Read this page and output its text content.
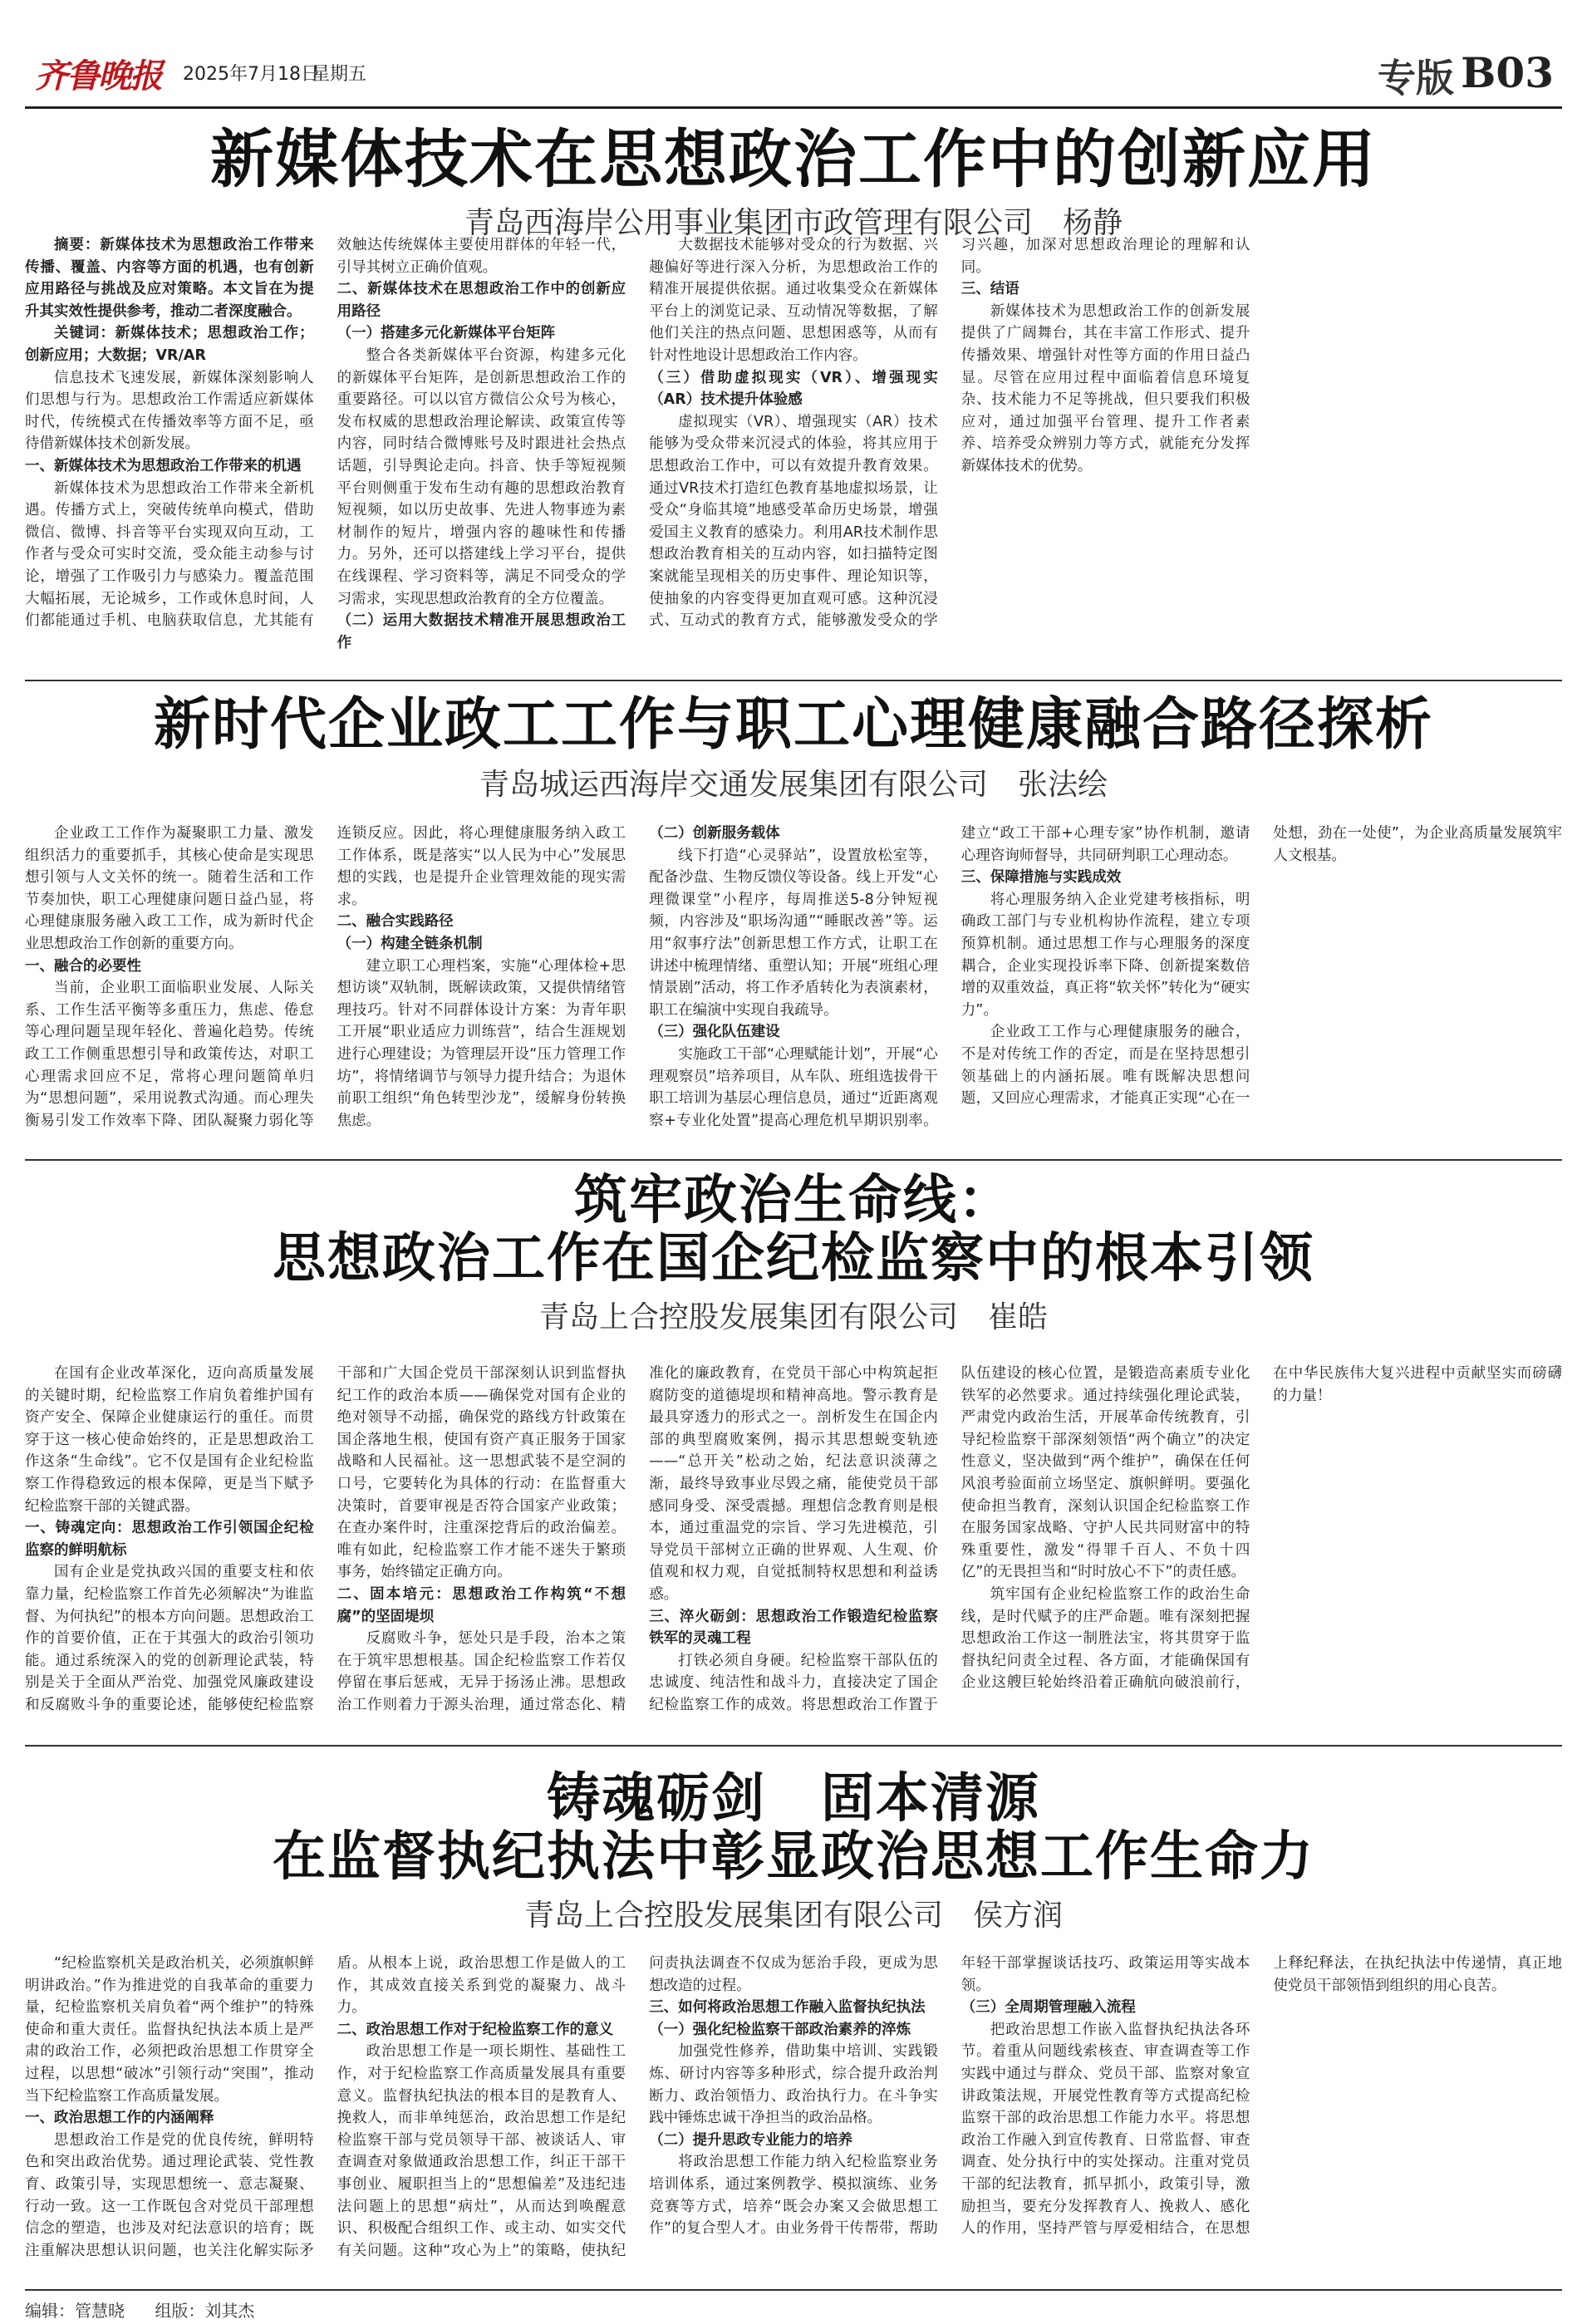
齐鲁晚报 2025年7月18日
星期五	专版 B03
新媒体技术在思想政治工作中的创新应用
青岛西海岸公用事业集团市政管理有限公司　杨静

摘要：新媒体技术为思想政治工作带来传播、覆盖、内容等方面的机遇，也有创新应用路径与挑战及应对策略。本文旨在为提升其实效性提供参考，推动二者深度融合。

关键词：新媒体技术；思想政治工作；创新应用；大数据；VR/AR

信息技术飞速发展，新媒体深刻影响人们思想与行为。思想政治工作需适应新媒体时代，传统模式在传播效率等方面不足，亟待借新媒体技术创新发展。

一、新媒体技术为思想政治工作带来的机遇

新媒体技术为思想政治工作带来全新机遇。传播方式上，突破传统单向模式，借助微信、微博、抖音等平台实现双向互动，工作者与受众可实时交流，受众能主动参与讨论，增强了工作吸引力与感染力。覆盖范围大幅拓展，无论城乡，工作或休息时间，人们都能通过手机、电脑获取信息，尤其能有效触达传统媒体主要使用群体的年轻一代，引导其树立正确价值观。

二、新媒体技术在思想政治工作中的创新应用路径

（一）搭建多元化新媒体平台矩阵

整合各类新媒体平台资源，构建多元化的新媒体平台矩阵，是创新思想政治工作的重要路径。可以以官方微信公众号为核心，发布权威的思想政治理论解读、政策宣传等内容，同时结合微博账号及时跟进社会热点话题，引导舆论走向。抖音、快手等短视频平台则侧重于发布生动有趣的思想政治教育短视频，如以历史故事、先进人物事迹为素材制作的短片，增强内容的趣味性和传播力。另外，还可以搭建线上学习平台，提供在线课程、学习资料等，满足不同受众的学习需求，实现思想政治教育的全方位覆盖。

（二）运用大数据技术精准开展思想政治工作

大数据技术能够对受众的行为数据、兴趣偏好等进行深入分析，为思想政治工作的精准开展提供依据。通过收集受众在新媒体平台上的浏览记录、互动情况等数据，了解他们关注的热点问题、思想困惑等，从而有针对性地设计思想政治工作内容。

（三）借助虚拟现实（VR）、增强现实（AR）技术提升体验感

虚拟现实（VR）、增强现实（AR）技术能够为受众带来沉浸式的体验，将其应用于思想政治工作中，可以有效提升教育效果。通过VR技术打造红色教育基地虚拟场景，让受众“身临其境”地感受革命历史场景，增强爱国主义教育的感染力。利用AR技术制作思想政治教育相关的互动内容，如扫描特定图案就能呈现相关的历史事件、理论知识等，使抽象的内容变得更加直观可感。这种沉浸式、互动式的教育方式，能够激发受众的学习兴趣，加深对思想政治理论的理解和认同。

三、结语

新媒体技术为思想政治工作的创新发展提供了广阔舞台，其在丰富工作形式、提升传播效果、增强针对性等方面的作用日益凸显。尽管在应用过程中面临着信息环境复杂、技术能力不足等挑战，但只要我们积极应对，通过加强平台管理、提升工作者素养、培养受众辨别力等方式，就能充分发挥新媒体技术的优势。

新时代企业政工工作与职工心理健康融合路径探析
青岛城运西海岸交通发展集团有限公司　张法绘

企业政工工作作为凝聚职工力量、激发组织活力的重要抓手，其核心使命是实现思想引领与人文关怀的统一。随着生活和工作节奏加快，职工心理健康问题日益凸显，将心理健康服务融入政工工作，成为新时代企业思想政治工作创新的重要方向。

一、融合的必要性

当前，企业职工面临职业发展、人际关系、工作生活平衡等多重压力，焦虑、倦怠等心理问题呈现年轻化、普遍化趋势。传统政工工作侧重思想引导和政策传达，对职工心理需求回应不足，常将心理问题简单归为“思想问题”，采用说教式沟通。而心理失衡易引发工作效率下降、团队凝聚力弱化等连锁反应。因此，将心理健康服务纳入政工工作体系，既是落实“以人民为中心”发展思想的实践，也是提升企业管理效能的现实需求。

二、融合实践路径

（一）构建全链条机制

建立职工心理档案，实施“心理体检+思想访谈”双轨制，既解读政策，又提供情绪管理技巧。针对不同群体设计方案：为青年职工开展“职业适应力训练营”，结合生涯规划进行心理建设；为管理层开设“压力管理工作坊”，将情绪调节与领导力提升结合；为退休前职工组织“角色转型沙龙”，缓解身份转换焦虑。

（二）创新服务载体

线下打造“心灵驿站”，设置放松室等，配备沙盘、生物反馈仪等设备。线上开发“心理微课堂”小程序，每周推送5-8分钟短视频，内容涉及“职场沟通”“睡眠改善”等。运用“叙事疗法”创新思想工作方式，让职工在讲述中梳理情绪、重塑认知；开展“班组心理情景剧”活动，将工作矛盾转化为表演素材，职工在编演中实现自我疏导。

（三）强化队伍建设

实施政工干部“心理赋能计划”，开展“心理观察员”培养项目，从车队、班组选拔骨干职工培训为基层心理信息员，通过“近距离观察+专业化处置”提高心理危机早期识别率。建立“政工干部+心理专家”协作机制，邀请心理咨询师督导，共同研判职工心理动态。

三、保障措施与实践成效

将心理服务纳入企业党建考核指标，明确政工部门与专业机构协作流程，建立专项预算机制。通过思想工作与心理服务的深度耦合，企业实现投诉率下降、创新提案数倍增的双重效益，真正将“软关怀”转化为“硬实力”。

企业政工工作与心理健康服务的融合，不是对传统工作的否定，而是在坚持思想引领基础上的内涵拓展。唯有既解决思想问题，又回应心理需求，才能真正实现“心在一处想，劲在一处使”，为企业高质量发展筑牢人文根基。

筑牢政治生命线：
思想政治工作在国企纪检监察中的根本引领
青岛上合控股发展集团有限公司　崔皓

在国有企业改革深化，迈向高质量发展的关键时期，纪检监察工作肩负着维护国有资产安全、保障企业健康运行的重任。而贯穿于这一核心使命始终的，正是思想政治工作这条“生命线”。它不仅是国有企业纪检监察工作得稳致远的根本保障，更是当下赋予纪检监察干部的关键武器。

一、铸魂定向：思想政治工作引领国企纪检监察的鲜明航标

国有企业是党执政兴国的重要支柱和依靠力量，纪检监察工作首先必须解决“为谁监督、为何执纪”的根本方向问题。思想政治工作的首要价值，正在于其强大的政治引领功能。通过系统深入的党的创新理论武装，特别是关于全面从严治党、加强党风廉政建设和反腐败斗争的重要论述，能够使纪检监察干部和广大国企党员干部深刻认识到监督执纪工作的政治本质——确保党对国有企业的绝对领导不动摇，确保党的路线方针政策在国企落地生根，使国有资产真正服务于国家战略和人民福祉。这一思想武装不是空洞的口号，它要转化为具体的行动：在监督重大决策时，首要审视是否符合国家产业政策；在查办案件时，注重深挖背后的政治偏差。唯有如此，纪检监察工作才能不迷失于繁琐事务，始终锚定正确方向。

二、固本培元：思想政治工作构筑“不想腐”的坚固堤坝

反腐败斗争，惩处只是手段，治本之策在于筑牢思想根基。国企纪检监察工作若仅停留在事后惩戒，无异于扬汤止沸。思想政治工作则着力于源头治理，通过常态化、精准化的廉政教育，在党员干部心中构筑起拒腐防变的道德堤坝和精神高地。警示教育是最具穿透力的形式之一。剖析发生在国企内部的典型腐败案例，揭示其思想蜕变轨迹——“总开关”松动之始，纪法意识淡薄之渐，最终导致事业尽毁之痛，能使党员干部感同身受、深受震撼。理想信念教育则是根本，通过重温党的宗旨、学习先进模范，引导党员干部树立正确的世界观、人生观、价值观和权力观，自觉抵制特权思想和利益诱惑。

三、淬火砺剑：思想政治工作锻造纪检监察铁军的灵魂工程

打铁必须自身硬。纪检监察干部队伍的忠诚度、纯洁性和战斗力，直接决定了国企纪检监察工作的成效。将思想政治工作置于队伍建设的核心位置，是锻造高素质专业化铁军的必然要求。通过持续强化理论武装，严肃党内政治生活，开展革命传统教育，引导纪检监察干部深刻领悟“两个确立”的决定性意义，坚决做到“两个维护”，确保在任何风浪考验面前立场坚定、旗帜鲜明。要强化使命担当教育，深刻认识国企纪检监察工作在服务国家战略、守护人民共同财富中的特殊重要性，激发“得罪千百人、不负十四亿”的无畏担当和“时时放心不下”的责任感。

筑牢国有企业纪检监察工作的政治生命线，是时代赋予的庄严命题。唯有深刻把握思想政治工作这一制胜法宝，将其贯穿于监督执纪问责全过程、各方面，才能确保国有企业这艘巨轮始终沿着正确航向破浪前行，在中华民族伟大复兴进程中贡献坚实而磅礴的力量！

铸魂砺剑　固本清源
在监督执纪执法中彰显政治思想工作生命力
青岛上合控股发展集团有限公司　侯方润

“纪检监察机关是政治机关，必须旗帜鲜明讲政治。”作为推进党的自我革命的重要力量，纪检监察机关肩负着“两个维护”的特殊使命和重大责任。监督执纪执法本质上是严肃的政治工作，必须把政治思想工作贯穿全过程，以思想“破冰”引领行动“突围”，推动当下纪检监察工作高质量发展。

一、政治思想工作的内涵阐释

思想政治工作是党的优良传统，鲜明特色和突出政治优势。通过理论武装、党性教育、政策引导，实现思想统一、意志凝聚、行动一致。这一工作既包含对党员干部理想信念的塑造，也涉及对纪法意识的培育；既注重解决思想认识问题，也关注化解实际矛盾。从根本上说，政治思想工作是做人的工作，其成效直接关系到党的凝聚力、战斗力。

二、政治思想工作对于纪检监察工作的意义

政治思想工作是一项长期性、基础性工作，对于纪检监察工作高质量发展具有重要意义。监督执纪执法的根本目的是教育人、挽救人，而非单纯惩治，政治思想工作是纪检监察干部与党员领导干部、被谈话人、审查调查对象做通政治思想工作，纠正干部干事创业、履职担当上的“思想偏差”及违纪违法问题上的思想“病灶”，从而达到唤醒意识、积极配合组织工作、或主动、如实交代有关问题。这种“攻心为上”的策略，使执纪问责执法调查不仅成为惩治手段，更成为思想改造的过程。

三、如何将政治思想工作融入监督执纪执法

（一）强化纪检监察干部政治素养的淬炼

加强党性修养，借助集中培训、实践锻炼、研讨内容等多种形式，综合提升政治判断力、政治领悟力、政治执行力。在斗争实践中锤炼忠诚干净担当的政治品格。

（二）提升思政专业能力的培养

将政治思想工作能力纳入纪检监察业务培训体系，通过案例教学、模拟演练、业务竞赛等方式，培养“既会办案又会做思想工作”的复合型人才。由业务骨干传帮带，帮助年轻干部掌握谈话技巧、政策运用等实战本领。

（三）全周期管理融入流程

把政治思想工作嵌入监督执纪执法各环节。着重从问题线索核查、审查调查等工作实践中通过与群众、党员干部、监察对象宣讲政策法规，开展党性教育等方式提高纪检监察干部的政治思想工作能力水平。将思想政治工作融入到宣传教育、日常监督、审查调查、处分执行中的实处探动。注重对党员干部的纪法教育，抓早抓小，政策引导，激励担当，要充分发挥教育人、挽救人、感化人的作用，坚持严管与厚爱相结合，在思想上释纪释法，在执纪执法中传递情，真正地使党员干部领悟到组织的用心良苦。

编辑：管慧晓 组版：刘其杰
